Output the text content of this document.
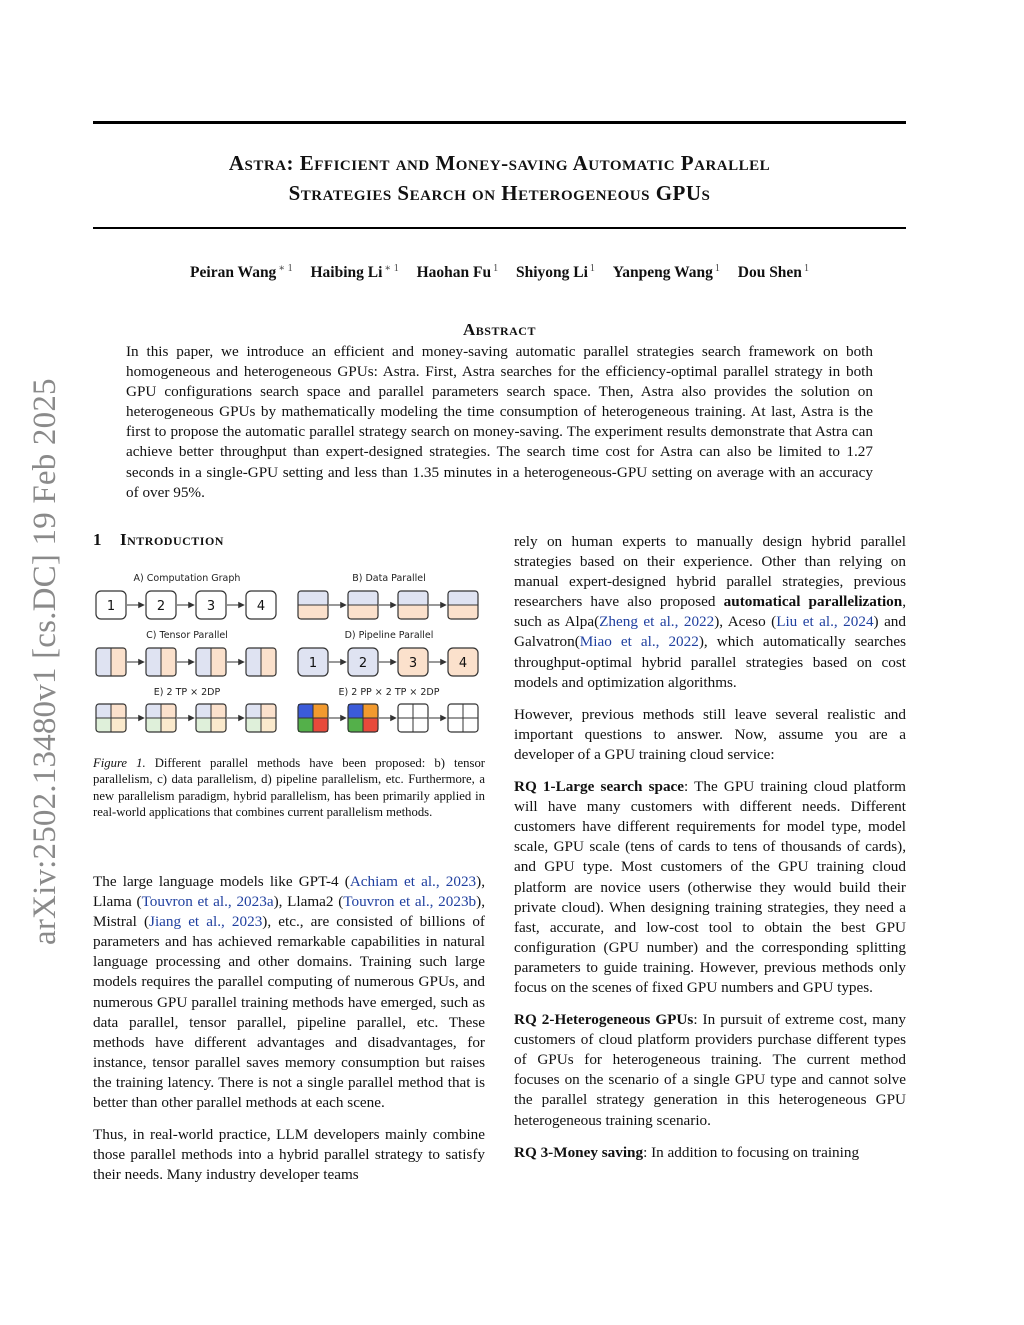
arXiv:2502.13480v1 [cs.DC] 19 Feb 2025
Astra: Efficient and Money-saving Automatic Parallel
Strategies Search on Heterogeneous GPUs
Peiran Wang $^{∗ 1}$ Haibing Li $^{∗ 1}$ Haohan Fu $^1$ Shiyong Li $^1$ Yanpeng Wang $^1$ Dou Shen $^1$
Abstract

In this paper, we introduce an efficient and money-saving automatic parallel strategies search framework on both homogeneous and heterogeneous GPUs: Astra. First, Astra searches for the efficiency-optimal parallel strategy in both GPU configurations search space and parallel parameters search space. Then, Astra also provides the solution on heterogeneous GPUs by mathematically modeling the time consumption of heterogeneous training. At last, Astra is the first to propose the automatic parallel strategy search on money-saving. The experiment results demonstrate that Astra can achieve better throughput than expert-designed strategies. The search time cost for Astra can also be limited to 1.27 seconds in a single-GPU setting and less than 1.35 minutes in a heterogeneous-GPU setting on average with an accuracy of over 95%.

1 Introduction
A) Computation Graph	B) Data Parallel
C) Tensor Parallel	D) Pipeline Parallel
E) 2 TP × 2DP	E) 2 PP × 2 TP × 2DP
1	2	3	4
1	2	3	4

Figure 1. Different parallel methods have been proposed: b) tensor parallelism, c) data parallelism, d) pipeline parallelism, etc. Furthermore, a new parallelism paradigm, hybrid parallelism, has been primarily applied in real-world applications that combines current parallelism methods.

The large language models like GPT-4 (Achiam et al., 2023), Llama (Touvron et al., 2023a), Llama2 (Touvron et al., 2023b), Mistral (Jiang et al., 2023), etc., are consisted of billions of parameters and has achieved remarkable capabilities in natural language processing and other domains. Training such large models requires the parallel computing of numerous GPUs, and numerous GPU parallel training methods have emerged, such as data parallel, tensor parallel, pipeline parallel, etc. These methods have different advantages and disadvantages, for instance, tensor parallel saves memory consumption but raises the training latency. There is not a single parallel method that is better than other parallel methods at each scene.

Thus, in real-world practice, LLM developers mainly combine those parallel methods into a hybrid parallel strategy to satisfy their needs. Many industry developer teams

rely on human experts to manually design hybrid parallel strategies based on their experience. Other than relying on manual expert-designed hybrid parallel strategies, previous researchers have also proposed automatical parallelization, such as Alpa(Zheng et al., 2022), Aceso (Liu et al., 2024) and Galvatron(Miao et al., 2022), which automatically searches throughput-optimal hybrid parallel strategies based on cost models and optimization algorithms.

However, previous methods still leave several realistic and important questions to answer. Now, assume you are a developer of a GPU training cloud service:

RQ 1-Large search space: The GPU training cloud platform will have many customers with different needs. Different customers have different requirements for model type, model scale, GPU scale (tens of cards to tens of thousands of cards), and GPU type. Most customers of the GPU training cloud platform are novice users (otherwise they would build their private cloud). When designing training strategies, they need a fast, accurate, and low-cost tool to obtain the best GPU configuration (GPU number) and the corresponding splitting parameters to guide training. However, previous methods only focus on the scenes of fixed GPU numbers and GPU types.

RQ 2-Heterogeneous GPUs: In pursuit of extreme cost, many customers of cloud platform providers purchase different types of GPUs for heterogeneous training. The current method focuses on the scenario of a single GPU type and cannot solve the parallel strategy generation in this heterogeneous GPU heterogeneous training scenario.

RQ 3-Money saving: In addition to focusing on training
